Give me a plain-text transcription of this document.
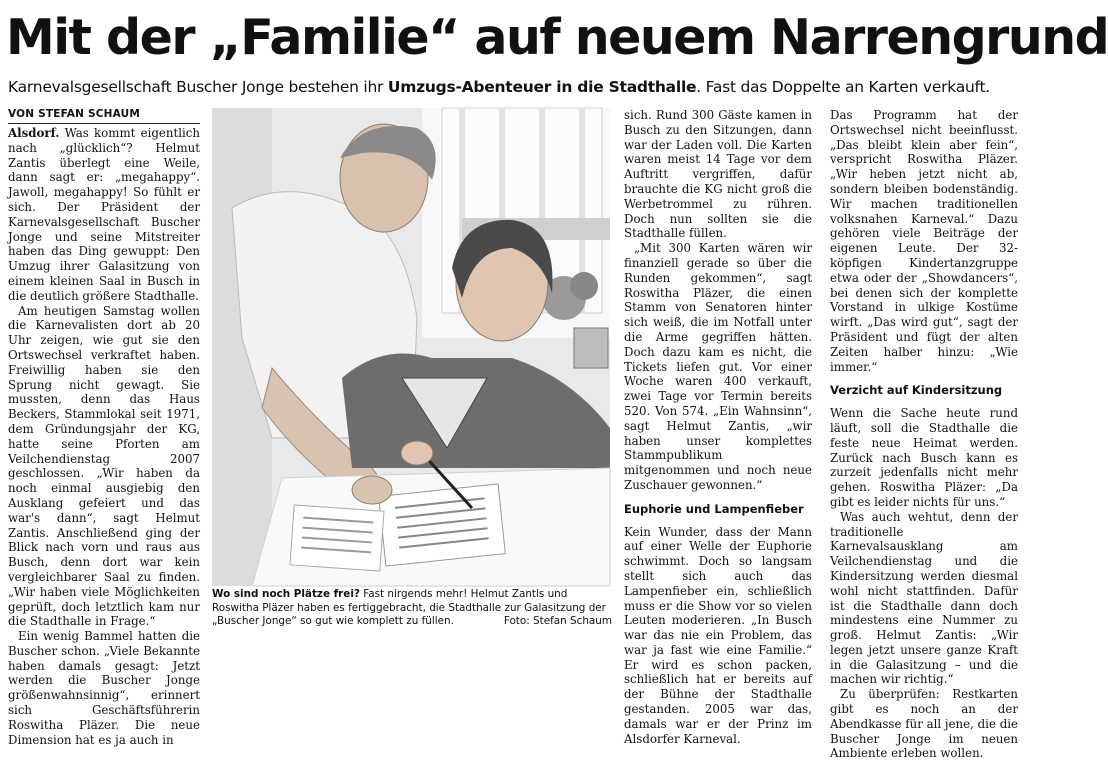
Mit der „Familie“ auf neuem Narrengrund
Karnevalsgesellschaft Buscher Jonge bestehen ihr Umzugs-Abenteuer in die Stadthalle. Fast das Doppelte an Karten verkauft.
VON STEFAN SCHAUM

Alsdorf. Was kommt eigentlich nach „glücklich“? Helmut Zantis überlegt eine Weile, dann sagt er: „megahappy“. Jawoll, megahappy! So fühlt er sich. Der Präsident der Karnevalsgesellschaft Buscher Jonge und seine Mitstreiter haben das Ding gewuppt: Den Umzug ihrer Galasitzung von einem kleinen Saal in Busch in die deutlich größere Stadthalle.

Am heutigen Samstag wollen die Karnevalisten dort ab 20 Uhr zeigen, wie gut sie den Ortswechsel verkraftet haben. Freiwillig haben sie den Sprung nicht gewagt. Sie mussten, denn das Haus Beckers, Stammlokal seit 1971, dem Gründungsjahr der KG, hatte seine Pforten am Veilchendienstag 2007 geschlossen. „Wir haben da noch einmal ausgiebig den Ausklang gefeiert und das war's dann“, sagt Helmut Zantis. Anschließend ging der Blick nach vorn und raus aus Busch, denn dort war kein vergleichbarer Saal zu finden. „Wir haben viele Möglichkeiten geprüft, doch letztlich kam nur die Stadthalle in Frage.“

Ein wenig Bammel hatten die Buscher schon. „Viele Bekannte haben damals gesagt: Jetzt werden die Buscher Jonge größenwahnsinnig“, erinnert sich Geschäftsführerin Roswitha Pläzer. Die neue Dimension hat es ja auch in

Wo sind noch Plätze frei? Fast nirgends mehr! Helmut Zantis und Roswitha Pläzer haben es fertiggebracht, die Stadthalle zur Galasitzung der „Buscher Jonge“ so gut wie komplett zu füllen.	Foto: Stefan Schaum

sich. Rund 300 Gäste kamen in Busch zu den Sitzungen, dann war der Laden voll. Die Karten waren meist 14 Tage vor dem Auftritt vergriffen, dafür brauchte die KG nicht groß die Werbetrommel zu rühren. Doch nun sollten sie die Stadthalle füllen.

„Mit 300 Karten wären wir finanziell gerade so über die Runden gekommen“, sagt Roswitha Pläzer, die einen Stamm von Senatoren hinter sich weiß, die im Notfall unter die Arme gegriffen hätten. Doch dazu kam es nicht, die Tickets liefen gut. Vor einer Woche waren 400 verkauft, zwei Tage vor Termin bereits 520. Von 574. „Ein Wahnsinn“, sagt Helmut Zantis, „wir haben unser komplettes Stammpublikum mitgenommen und noch neue Zuschauer gewonnen.“

Euphorie und Lampenfieber

Kein Wunder, dass der Mann auf einer Welle der Euphorie schwimmt. Doch so langsam stellt sich auch das Lampenfieber ein, schließlich muss er die Show vor so vielen Leuten moderieren. „In Busch war das nie ein Problem, das war ja fast wie eine Familie.“ Er wird es schon packen, schließlich hat er bereits auf der Bühne der Stadthalle gestanden. 2005 war das, damals war er der Prinz im Alsdorfer Karneval.

Das Programm hat der Ortswechsel nicht beeinflusst. „Das bleibt klein aber fein“, verspricht Roswitha Pläzer. „Wir heben jetzt nicht ab, sondern bleiben bodenständig. Wir machen traditionellen volksnahen Karneval.“ Dazu gehören viele Beiträge der eigenen Leute. Der 32-köpfigen Kindertanzgruppe etwa oder der „Showdancers“, bei denen sich der komplette Vorstand in ulkige Kostüme wirft. „Das wird gut“, sagt der Präsident und fügt der alten Zeiten halber hinzu: „Wie immer.“

Verzicht auf Kindersitzung

Wenn die Sache heute rund läuft, soll die Stadthalle die feste neue Heimat werden. Zurück nach Busch kann es zurzeit jedenfalls nicht mehr gehen. Roswitha Pläzer: „Da gibt es leider nichts für uns.“

Was auch wehtut, denn der traditionelle Karnevalsausklang am Veilchendienstag und die Kindersitzung werden diesmal wohl nicht stattfinden. Dafür ist die Stadthalle dann doch mindestens eine Nummer zu groß. Helmut Zantis: „Wir legen jetzt unsere ganze Kraft in die Galasitzung – und die machen wir richtig.“

Zu überprüfen: Restkarten gibt es noch an der Abendkasse für all jene, die die Buscher Jonge im neuen Ambiente erleben wollen.
